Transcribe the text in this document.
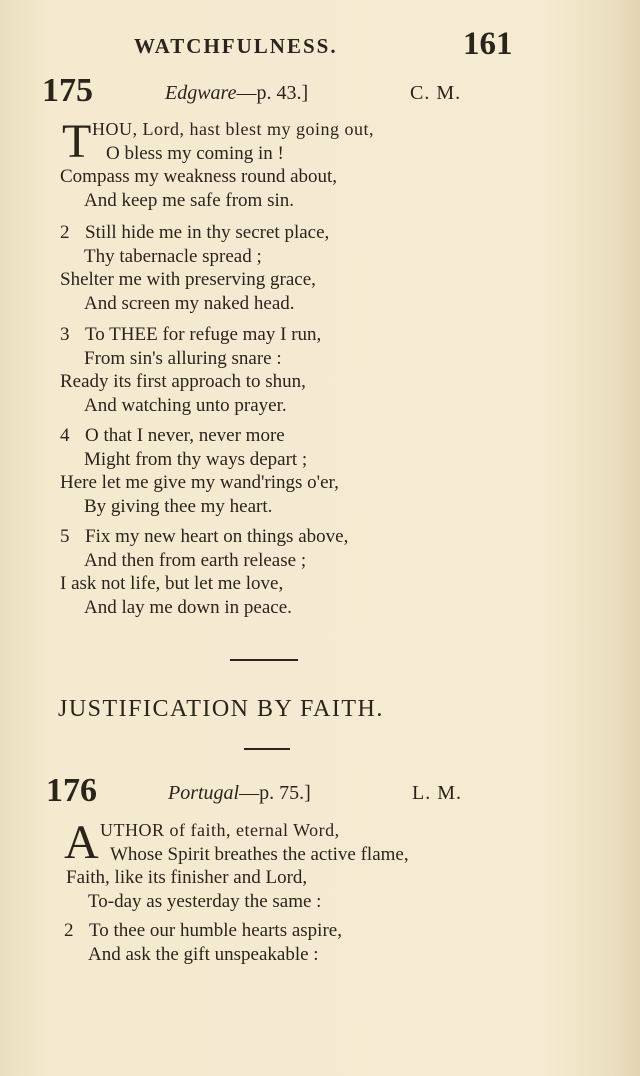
WATCHFULNESS.	161
175	Edgware—p. 43.]	C. M.
T HOU, Lord, hast blest my going out,
O bless my coming in !
Compass my weakness round about,
And keep me safe from sin.
2 Still hide me in thy secret place,
Thy tabernacle spread ;
Shelter me with preserving grace,
And screen my naked head.
3 To THEE for refuge may I run,
From sin's alluring snare :
Ready its first approach to shun,
And watching unto prayer.
4 O that I never, never more
Might from thy ways depart ;
Here let me give my wand'rings o'er,
By giving thee my heart.
5 Fix my new heart on things above,
And then from earth release ;
I ask not life, but let me love,
And lay me down in peace.
JUSTIFICATION BY FAITH.
176	Portugal—p. 75.]	L. M.
A UTHOR of faith, eternal Word,
Whose Spirit breathes the active flame,
Faith, like its finisher and Lord,
To-day as yesterday the same :
2 To thee our humble hearts aspire,
And ask the gift unspeakable :
